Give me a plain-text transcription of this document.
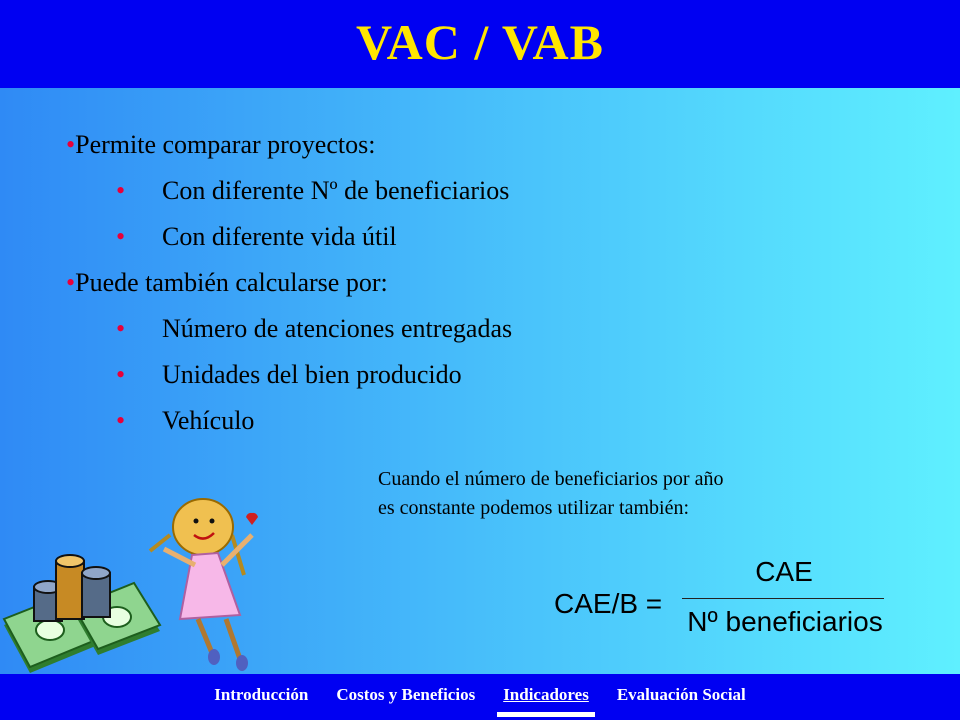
VAC / VAB
•Permite comparar proyectos:
• Con diferente Nº de beneficiarios
• Con diferente vida útil
•Puede también calcularse por:
• Número de atenciones entregadas
• Unidades del bien producido
• Vehículo
Cuando el número de beneficiarios por año
es constante podemos utilizar también:
CAE/B =
CAE
Nº beneficiarios
Introducción	Costos y Beneficios	Indicadores	Evaluación Social
